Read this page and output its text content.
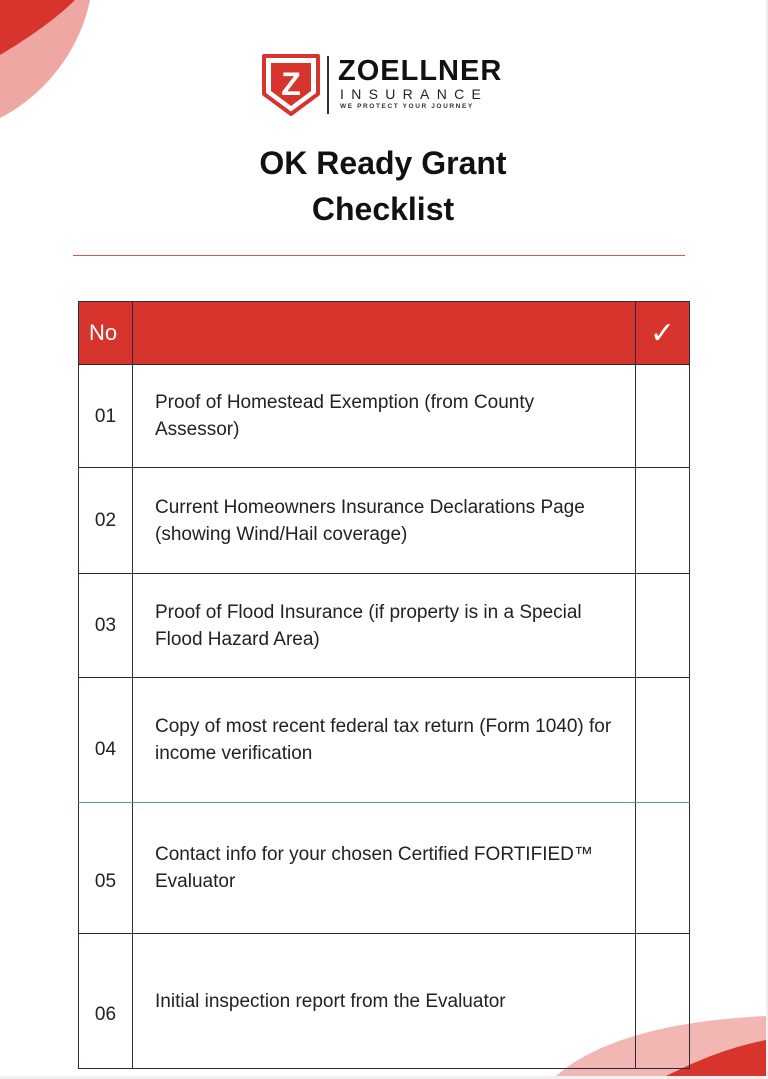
Z ZOELLNER
INSURANCE
WE PROTECT YOUR JOURNEY
OK Ready Grant
Checklist
No		✓
01	Proof of Homestead Exemption (from County Assessor)	
02	Current Homeowners Insurance Declarations Page (showing Wind/Hail coverage)	
03	Proof of Flood Insurance (if property is in a Special Flood Hazard Area)	
04	Copy of most recent federal tax return (Form 1040) for income verification	
05	Contact info for your chosen Certified FORTIFIED™ Evaluator	
06	Initial inspection report from the Evaluator	
